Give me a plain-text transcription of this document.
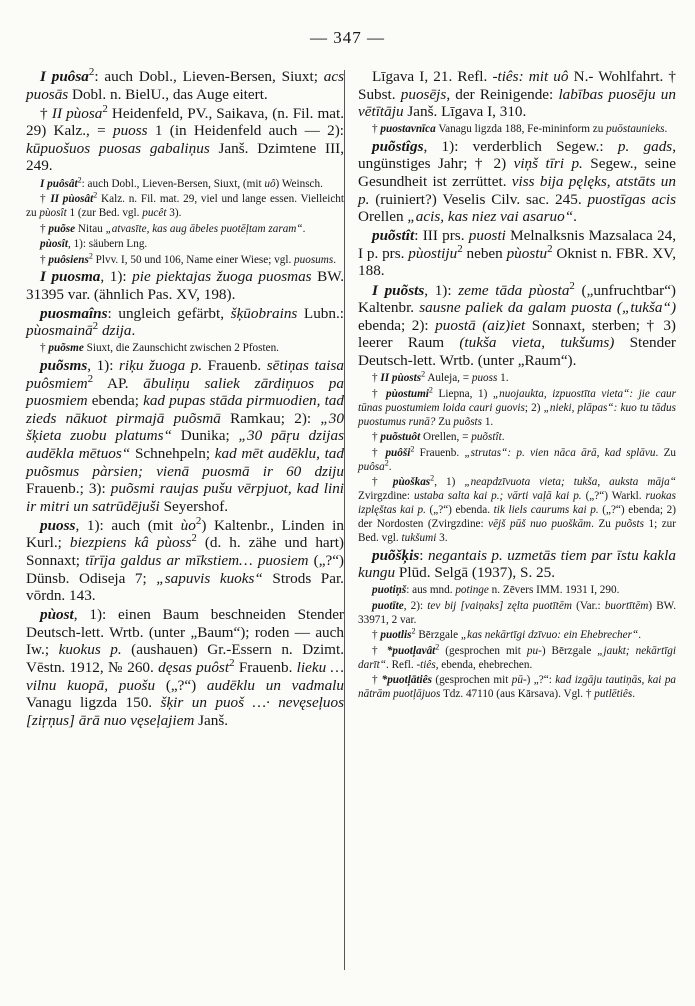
— 347 —

I puôsa$^2$: auch Dobl., Lieven-Bersen, Siuxt; acs puosās Dobl. n. BielU., das Auge eitert.

† II pùosa$^2$ Heidenfeld, PV., Saikava, (n. Fil. mat. 29) Kalz., = puoss 1 (in Heidenfeld auch — 2): kūpuošuos puosas gabaliņus Janš. Dzimtene III, 249.

I puôsât$^2$: auch Dobl., Lieven-Bersen, Siuxt, (mit uô) Weinsch.

† II pùosât$^2$ Kalz. n. Fil. mat. 29, viel und lange essen. Vielleicht zu pùosît 1 (zur Bed. vgl. pucêt 3).

† puõse Nitau „atvasīte, kas aug ābeles puotēļtam zaram“.

pùosît, 1): säubern Lng.

† puôsiens$^2$ Plvv. I, 50 und 106, Name einer Wiese; vgl. puosums.

I puosma, 1): pie piektajas žuoga puosmas BW. 31395 var. (ähnlich Pas. XV, 198).

puosmaîns: ungleich gefärbt, šķūobrains Lubn.: pùosmainā$^2$ dzija.

† puõsme Siuxt, die Zaunschicht zwischen 2 Pfosten.

puõsms, 1): riķu žuoga p. Frauenb. sētiņas taisa puôsmiem$^2$ AP. ābuliņu saliek zārdiņuos pa puosmiem ebenda; kad pupas stāda pirmuodien, tad zieds nākuot pirmajā puõsmā Ramkau; 2): „30 šķieta zuobu platums“ Dunika; „30 pāŗu dzijas audēkla mētuos“ Schnehpeln; kad mēt audēklu, tad puõsmus pàrsien; vienā puosmā ir 60 dziju Frauenb.; 3): puõsmi raujas pušu vērpjuot, kad lini ir mitri un satrūdējuši Seyershof.

puoss, 1): auch (mit $ùo^2$) Kaltenbr., Linden in Kurl.; biezpiens kâ pùoss$^2$ (d. h. zähe und hart) Sonnaxt; tīrīja galdus ar mīkstiem… puosiem („?“) Dünsb. Odiseja 7; „sapuvis kuoks“ Strods Par. vōrdn. 143.

pùost, 1): einen Baum beschneiden Stender Deutsch-lett. Wrtb. (unter „Baum“); roden — auch Iw.; kuokus p. (aushauen) Gr.-Essern n. Dzimt. Vēstn. 1912, № 260. dęsas puôst$^2$ Frauenb. lieku … vilnu kuopā, puošu („?“) audēklu un vadmalu Vanagu ligzda 150. šķir un puoš …· nevęseļuos [ziŗņus] ārā nuo vęseļajiem Janš.

Līgava I, 21. Refl. -tiês: mit uô N.- Wohlfahrt. † Subst. puosējs, der Reinigende: labības puosēju un vētītāju Janš. Līgava I, 310.

† puostavnīca Vanagu ligzda 188, Fe-mininform zu puōstaunieks.

puõstîgs, 1): verderblich Segew.: p. gads, ungünstiges Jahr; † 2) viņš tīri p. Segew., seine Gesundheit ist zerrüttet. viss bija pęlęks, atstāts un p. (ruiniert?) Veselis Cilv. sac. 245. puostīgas acis Orellen „acis, kas niez vai asaruo“.

puõstît: III prs. puosti Melnalksnis Mazsalaca 24, I p. prs. pùostiju$^2$ neben pùostu$^2$ Oknist n. FBR. XV, 188.

I puõsts, 1): zeme tāda pùosta$^2$ („unfruchtbar“) Kaltenbr. sausne paliek da galam puosta („tukša“) ebenda; 2): puostā (aiz)iet Sonnaxt, sterben; † 3) leerer Raum (tukša vieta, tukšums) Stender Deutsch-lett. Wrtb. (unter „Raum“).

† II pùosts$^2$ Auleja, = puoss 1.

† pùostumi$^2$ Liepna, 1) „nuojaukta, izpuostīta vieta“: jie caur tūnas puostumiem loida cauri guovis; 2) „nieki, plāpas“: kuo tu tādus puostumus runā? Zu puõsts 1.

† puõstuôt Orellen, = puõstît.

† puôši$^2$ Frauenb. „strutas“: p. vien nāca ārā, kad splāvu. Zu puôsa$^2$.

† pùoškas$^2$, 1) „neapdzīvuota vieta; tukša, auksta māja“ Zvirgzdine: ustaba salta kai p.; vārti vaļā kai p. („?“) Warkl. ruokas izplęštas kai p. („?“) ebenda. tik liels caurums kai p. („?“) ebenda; 2) der Nordosten (Zvirgzdine: vējš pūš nuo puoškām. Zu puõsts 1; zur Bed. vgl. tukšumi 3.

puõšķis: negantais p. uzmetās tiem par īstu kakla kungu Plūd. Selgā (1937), S. 25.

puotiņš: aus mnd. potinge n. Zēvers IMM. 1931 I, 290.

puotīte, 2): tev bij [vaiņaks] zęlta puotītēm (Var.: buortītēm) BW. 33971, 2 var.

† puotlis$^2$ Bērzgale „kas nekārtīgi dzīvuo: ein Ehebrecher“.

† *puotļavât$^2$ (gesprochen mit pu-) Bērzgale „jaukt; nekārtīgi darīt“. Refl. -tiês, ebenda, ehebrechen.

† *puotļātiês (gesprochen mit pū-) „?“: kad izgāju tautiņās, kai pa nātrām puotļājuos Tdz. 47110 (aus Kārsava). Vgl. † putlētiês.
